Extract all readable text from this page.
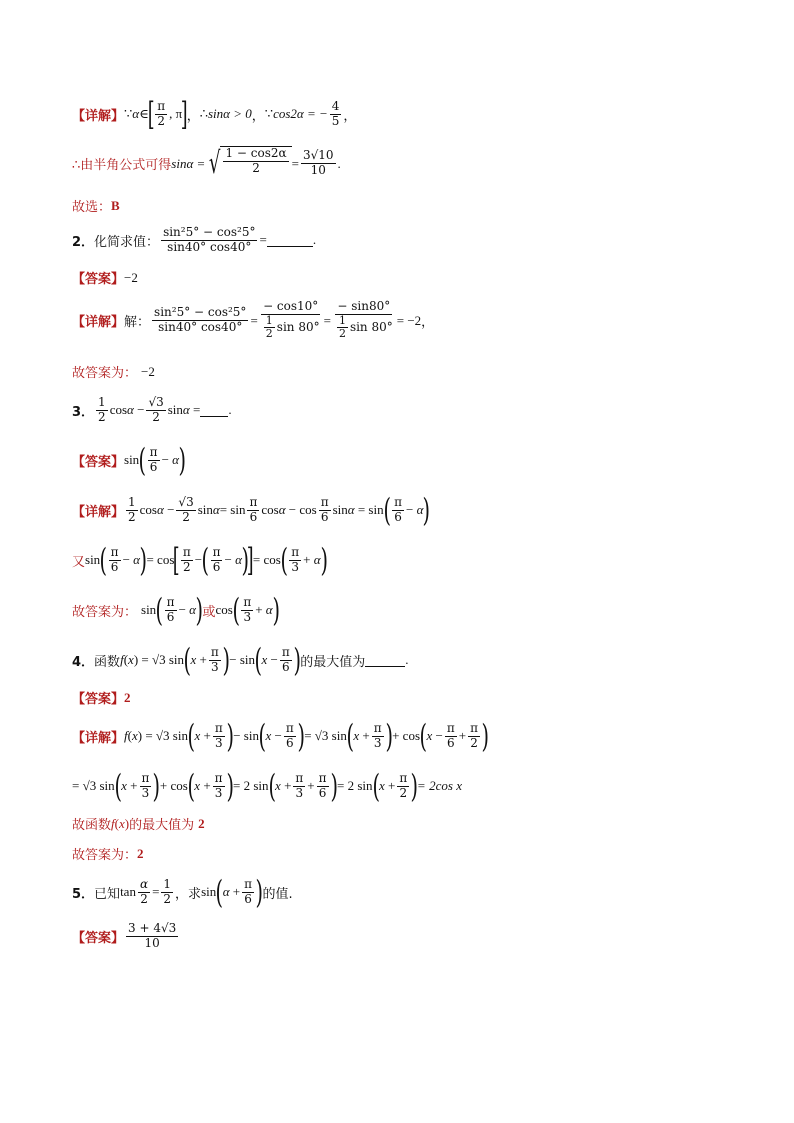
【详解】 ∵ α ∈
[ $\frac{\pi}{2}$ , π
]
， ∴ sinα > 0 ， ∵ cos2α = − $\frac{4}{5}$ ，
∴由半角公式可得 sinα = √ $\frac{1 - \cos 2\alpha}{2} = \frac{3√10}{10}$ .
故选： B
2． 化简求值： $\frac{\text{sin²5° − cos²5°}}{\sin 40^\circ \cos 40^\circ}$ =	.
【答案】 −2
【详解】 解： $\frac{\text{sin²5° − cos²5°}}{\sin 40^\circ \cos 40^\circ} = \frac{- \cos 10^\circ}{\frac{1}{2} \sin 80^\circ} = \frac{- \sin 80^\circ}{\frac{1}{2} \sin 80^\circ} = -2$ ，
故答案为： −2
3． $\frac{1}{2}$ $\cos\alpha - \frac{√3}{2}$ sinα = .
【答案】 sin ( $\frac{\pi}{6} - \alpha$ )
【详解】 $\frac{1}{2}$ $\cos\alpha - \frac{√3}{2}$ $\sin\alpha = \sin \frac{\pi}{6}$ $\cos\alpha - \cos \frac{\pi}{6}$ sinα = sin ( $\frac{\pi}{6} - \alpha$ )
又 sin ( $\frac{\pi}{6} - \alpha$ ) = cos
[ $\frac{\pi}{2}$ − ( $\frac{\pi}{6} - \alpha$ )
]
= cos ( $\frac{\pi}{3} + \alpha$ )
故答案为： sin ( $\frac{\pi}{6} - \alpha$ ) 或 cos ( $\frac{\pi}{3} + \alpha$ )
4． 函数 f(x) = √3 sin ( $x + \frac{\pi}{3}$ ) − sin ( $x - \frac{\pi}{6}$ ) 的最大值为	.
【答案】 2
【详解】 f(x) = √3 sin ( $x + \frac{\pi}{3}$ ) − sin ( $x - \frac{\pi}{6}$ ) = √3 sin ( $x + \frac{\pi}{3}$ ) + cos ( $x - \frac{\pi}{6} + \frac{\pi}{2}$ )
= √3 sin ( $x + \frac{\pi}{3}$ ) + cos ( $x + \frac{\pi}{3}$ ) = 2 sin ( $x + \frac{\pi}{3} + \frac{\pi}{6}$ ) = 2 sin ( $x + \frac{\pi}{2}$ ) = 2cos x
故函数 f(x) 的最大值为 2
故答案为： 2
5． 已知 $\tan \frac{\alpha}{2} = \frac{1}{2}$ ，求 sin ( $\alpha + \frac{\pi}{6}$ ) 的值.
【答案】 $\frac{3 + 4√3}{10}$
